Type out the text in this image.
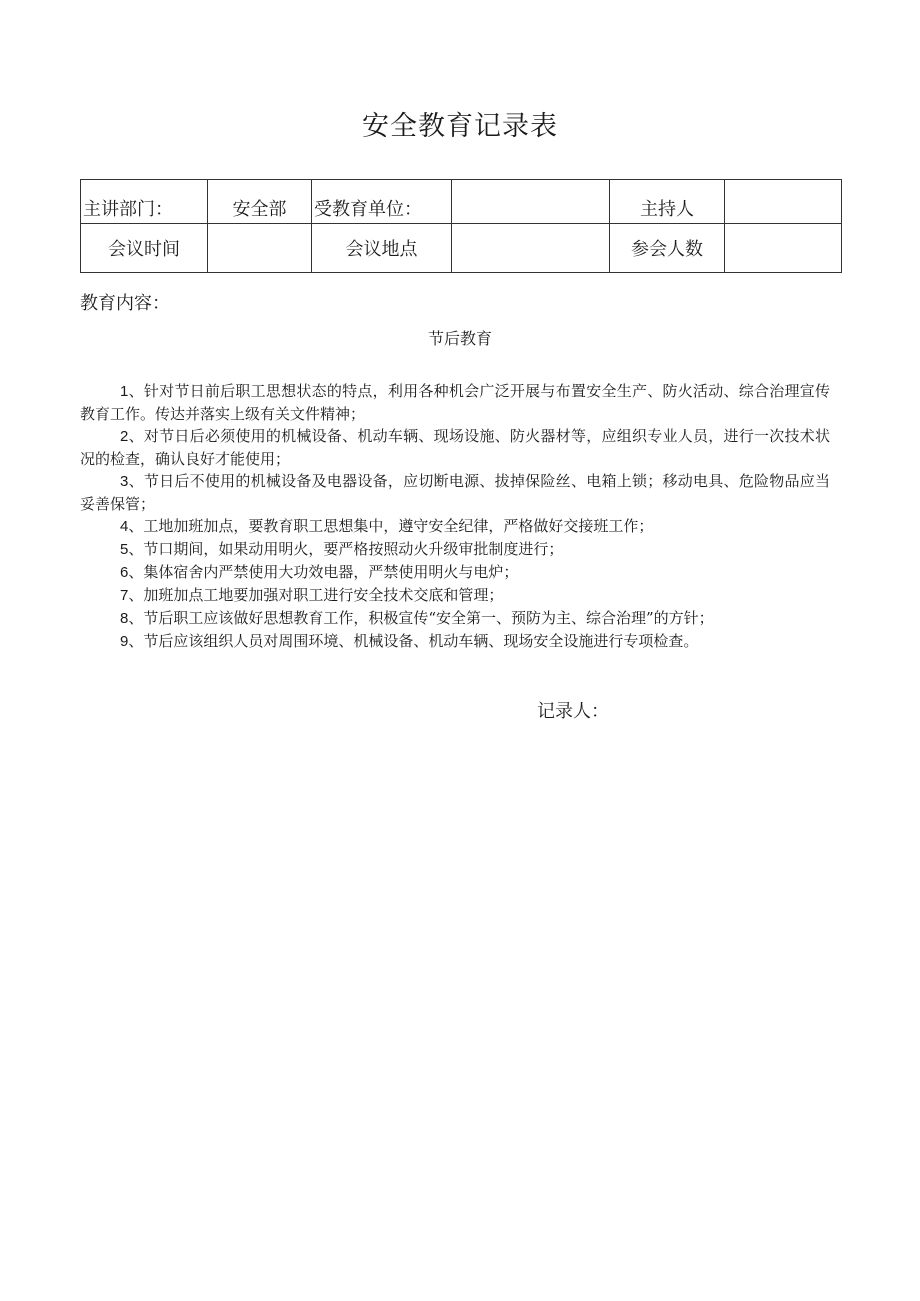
安全教育记录表
主讲部门：	安全部	受教育单位：		主持人	
会议时间		会议地点		参会人数	
教育内容：
节后教育

1、针对节日前后职工思想状态的特点，利用各种机会广泛开展与布置安全生产、防火活动、综合治理宣传教育工作。传达并落实上级有关文件精神；

2、对节日后必须使用的机械设备、机动车辆、现场设施、防火器材等，应组织专业人员，进行一次技术状况的检查，确认良好才能使用；

3、节日后不使用的机械设备及电器设备，应切断电源、拔掉保险丝、电箱上锁；移动电具、危险物品应当妥善保管；

4、工地加班加点，要教育职工思想集中，遵守安全纪律，严格做好交接班工作；

5、节口期间，如果动用明火，要严格按照动火升级审批制度进行；

6、集体宿舍内严禁使用大功效电器，严禁使用明火与电炉；

7、加班加点工地要加强对职工进行安全技术交底和管理；

8、节后职工应该做好思想教育工作，积极宣传“安全第一、预防为主、综合治理”的方针；

9、节后应该组织人员对周围环境、机械设备、机动车辆、现场安全设施进行专项检查。

记录人：
